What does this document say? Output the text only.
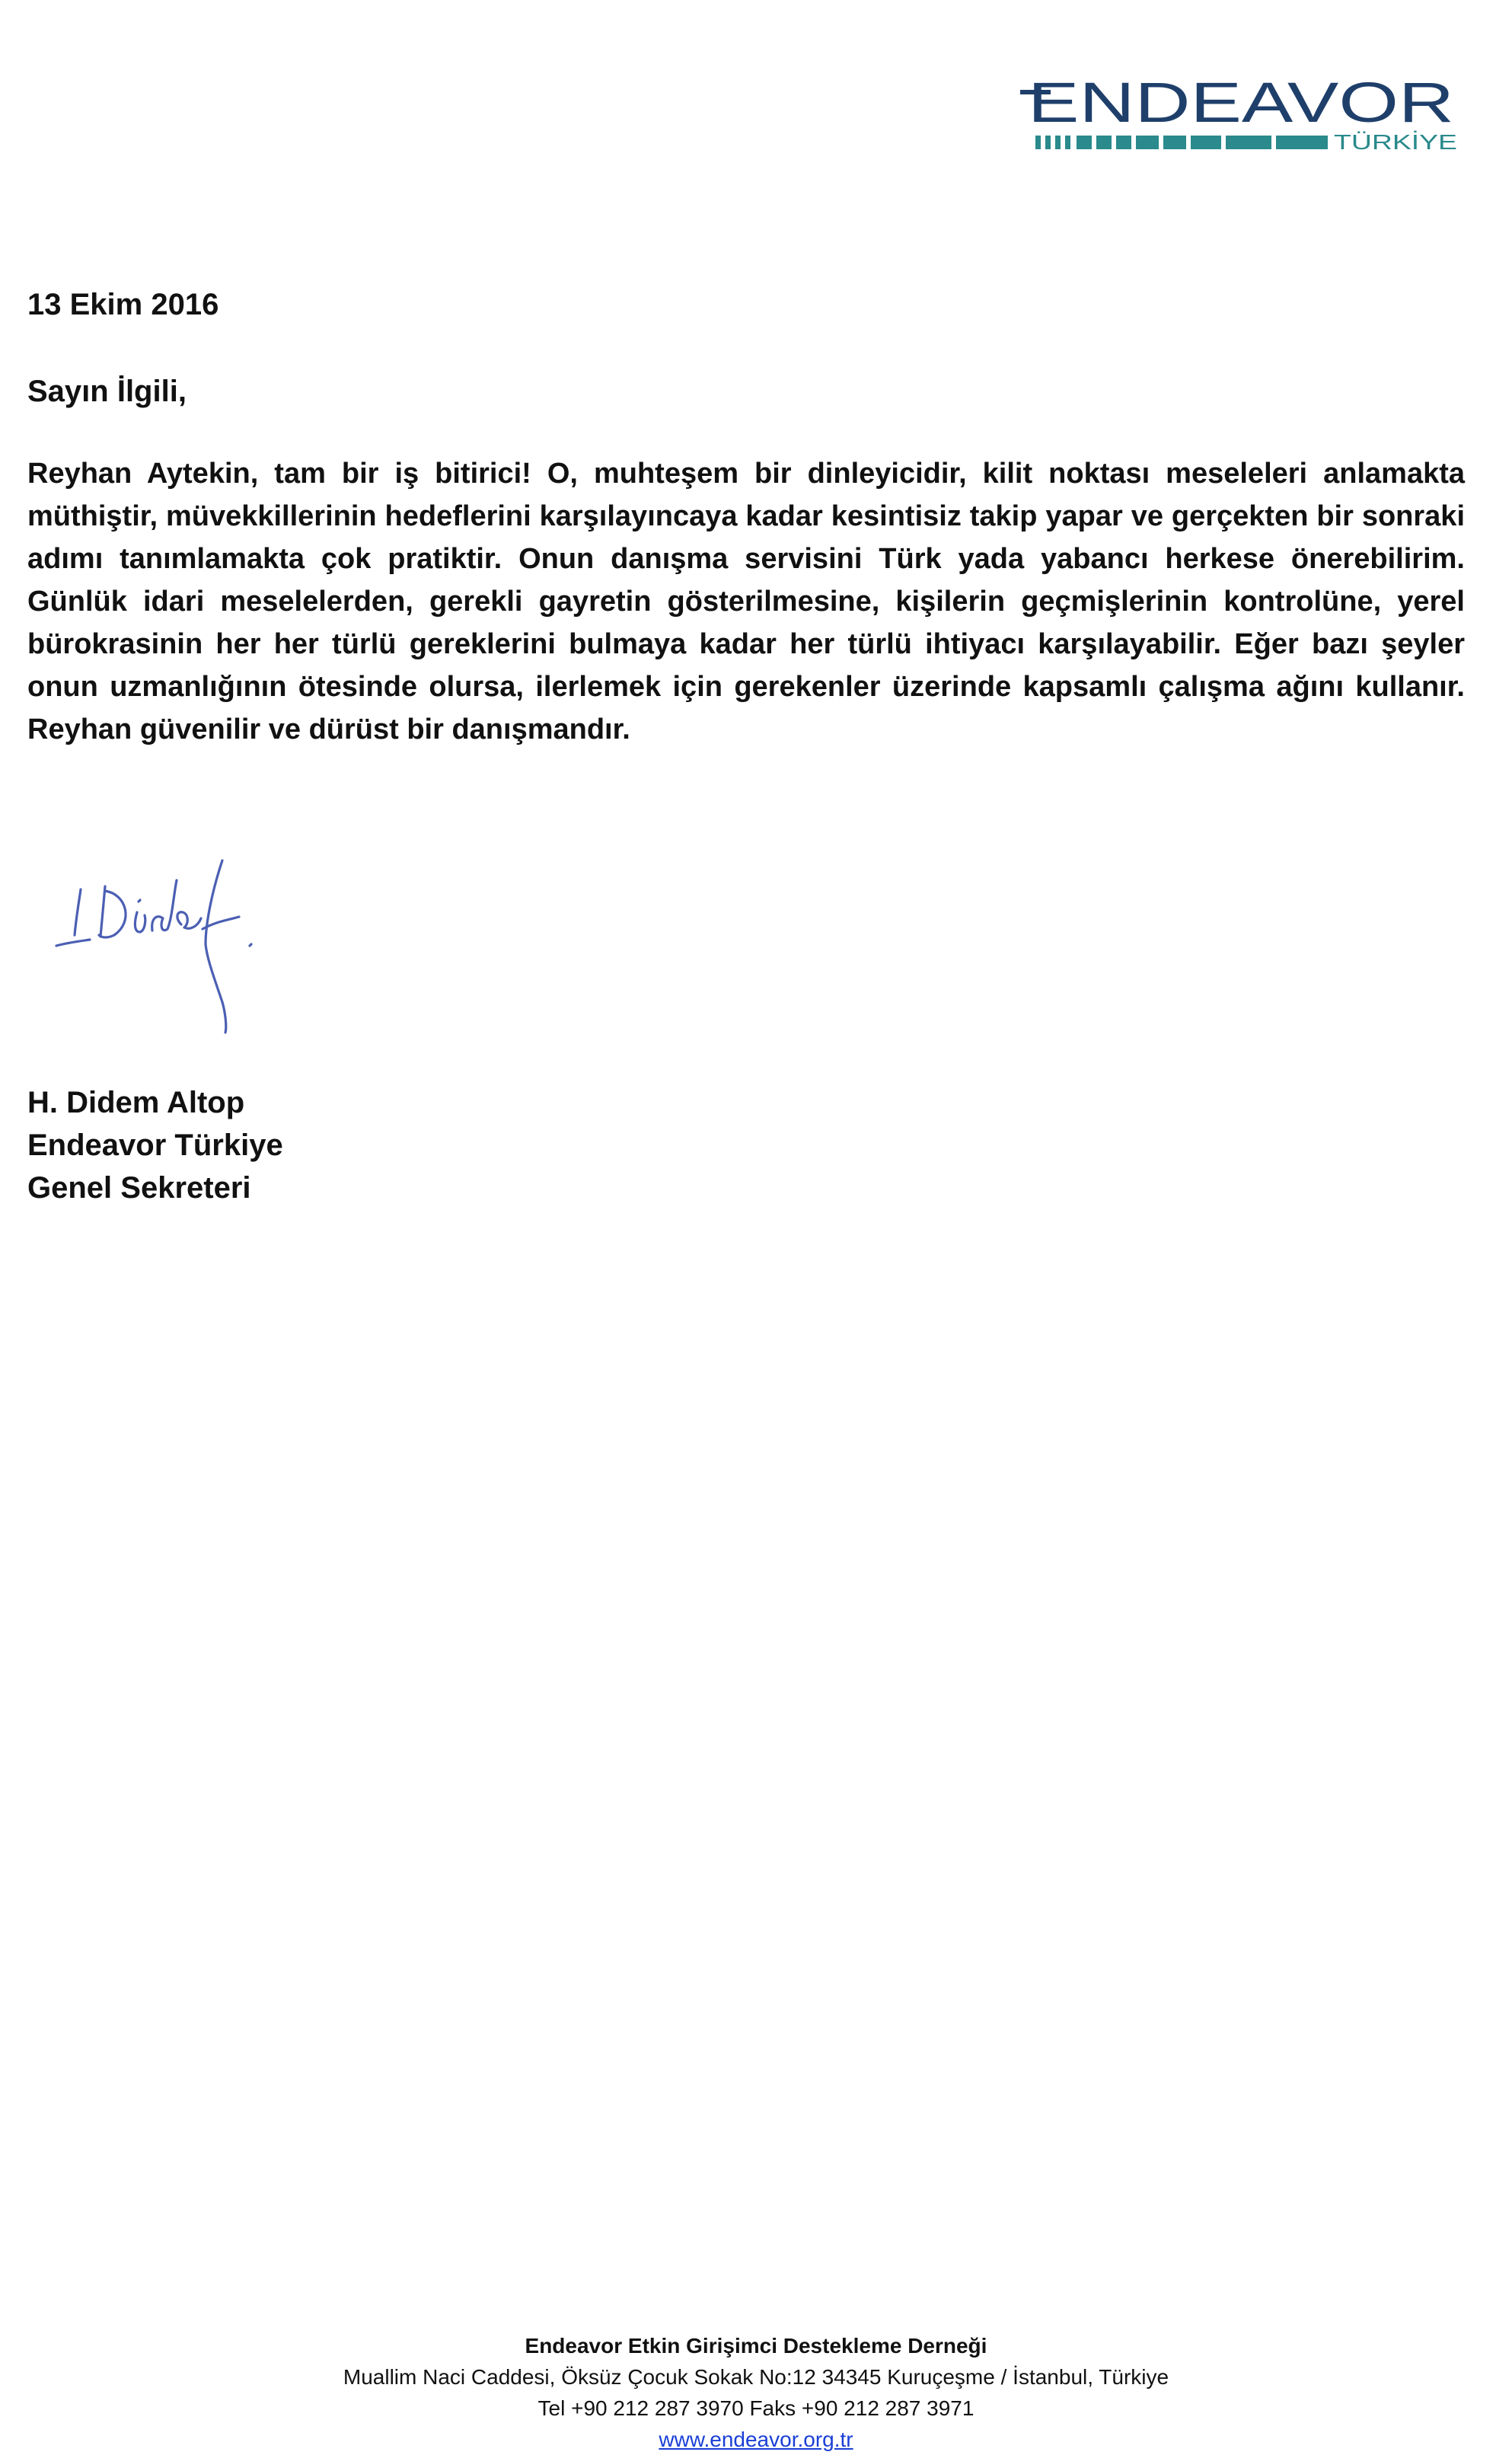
ENDEAVOR
TÜRKİYE
13 Ekim 2016
Sayın İlgili,

Reyhan Aytekin, tam bir iş bitirici! O, muhteşem bir dinleyicidir, kilit noktası meseleleri anlamakta müthiştir, müvekkillerinin hedeflerini karşılayıncaya kadar kesintisiz takip yapar ve gerçekten bir sonraki adımı tanımlamakta çok pratiktir. Onun danışma servisini Türk yada yabancı herkese önerebilirim. Günlük idari meselelerden, gerekli gayretin gösterilmesine, kişilerin geçmişlerinin kontrolüne, yerel bürokrasinin her her türlü gereklerini bulmaya kadar her türlü ihtiyacı karşılayabilir. Eğer bazı şeyler onun uzmanlığının ötesinde olursa, ilerlemek için gerekenler üzerinde kapsamlı çalışma ağını kullanır. Reyhan güvenilir ve dürüst bir danışmandır.

H. Didem Altop
Endeavor Türkiye
Genel Sekreteri
Endeavor Etkin Girişimci Destekleme Derneği
Muallim Naci Caddesi, Öksüz Çocuk Sokak No:12 34345 Kuruçeşme / İstanbul, Türkiye
Tel +90 212 287 3970 Faks +90 212 287 3971
www.endeavor.org.tr
